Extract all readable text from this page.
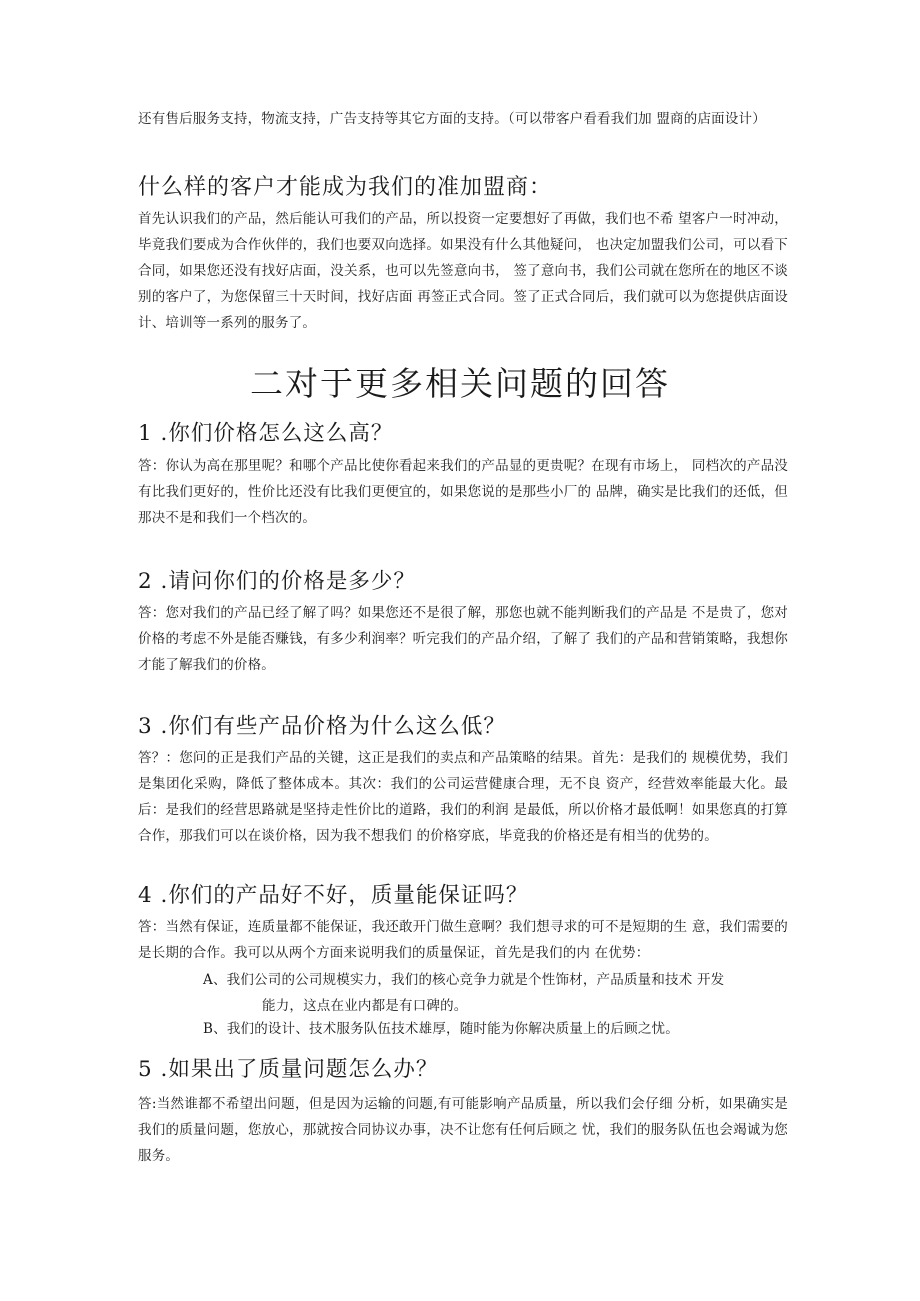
还有售后服务支持，物流支持，广告支持等其它方面的支持。（可以带客户看看我们加 盟商的店面设计）

什么样的客户才能成为我们的准加盟商：

首先认识我们的产品，然后能认可我们的产品，所以投资一定要想好了再做，我们也不希 望客户一时冲动，毕竟我们要成为合作伙伴的，我们也要双向选择。如果没有什么其他疑问， 也决定加盟我们公司，可以看下合同，如果您还没有找好店面，没关系，也可以先签意向书， 签了意向书，我们公司就在您所在的地区不谈别的客户了，为您保留三十天时间，找好店面 再签正式合同。签了正式合同后，我们就可以为您提供店面设计、培训等一系列的服务了。

二对于更多相关问题的回答
1 .你们价格怎么这么高？

答：你认为高在那里呢？和哪个产品比使你看起来我们的产品显的更贵呢？在现有市场上， 同档次的产品没有比我们更好的，性价比还没有比我们更便宜的，如果您说的是那些小厂的 品牌，确实是比我们的还低，但那决不是和我们一个档次的。

2 .请问你们的价格是多少？

答：您对我们的产品已经了解了吗？如果您还不是很了解，那您也就不能判断我们的产品是 不是贵了，您对价格的考虑不外是能否赚钱，有多少利润率？听完我们的产品介绍，了解了 我们的产品和营销策略，我想你才能了解我们的价格。

3 .你们有些产品价格为什么这么低？

答？：您问的正是我们产品的关键，这正是我们的卖点和产品策略的结果。首先：是我们的 规模优势，我们是集团化采购，降低了整体成本。其次：我们的公司运营健康合理，无不良 资产，经营效率能最大化。最后：是我们的经营思路就是坚持走性价比的道路，我们的利润 是最低，所以价格才最低啊！如果您真的打算合作，那我们可以在谈价格，因为我不想我们 的价格穿底，毕竟我的价格还是有相当的优势的。

4 .你们的产品好不好，质量能保证吗？

答：当然有保证，连质量都不能保证，我还敢开门做生意啊？我们想寻求的可不是短期的生 意，我们需要的是长期的合作。我可以从两个方面来说明我们的质量保证，首先是我们的内 在优势：

A、我们公司的公司规模实力，我们的核心竞争力就是个性饰材，产品质量和技术 开发

能力，这点在业内都是有口碑的。

B、我们的设计、技术服务队伍技术雄厚，随时能为你解决质量上的后顾之忧。

5 .如果出了质量问题怎么办？

答:当然谁都不希望出问题，但是因为运输的问题,有可能影响产品质量，所以我们会仔细 分析，如果确实是我们的质量问题，您放心，那就按合同协议办事，决不让您有任何后顾之 忧，我们的服务队伍也会竭诚为您服务。
